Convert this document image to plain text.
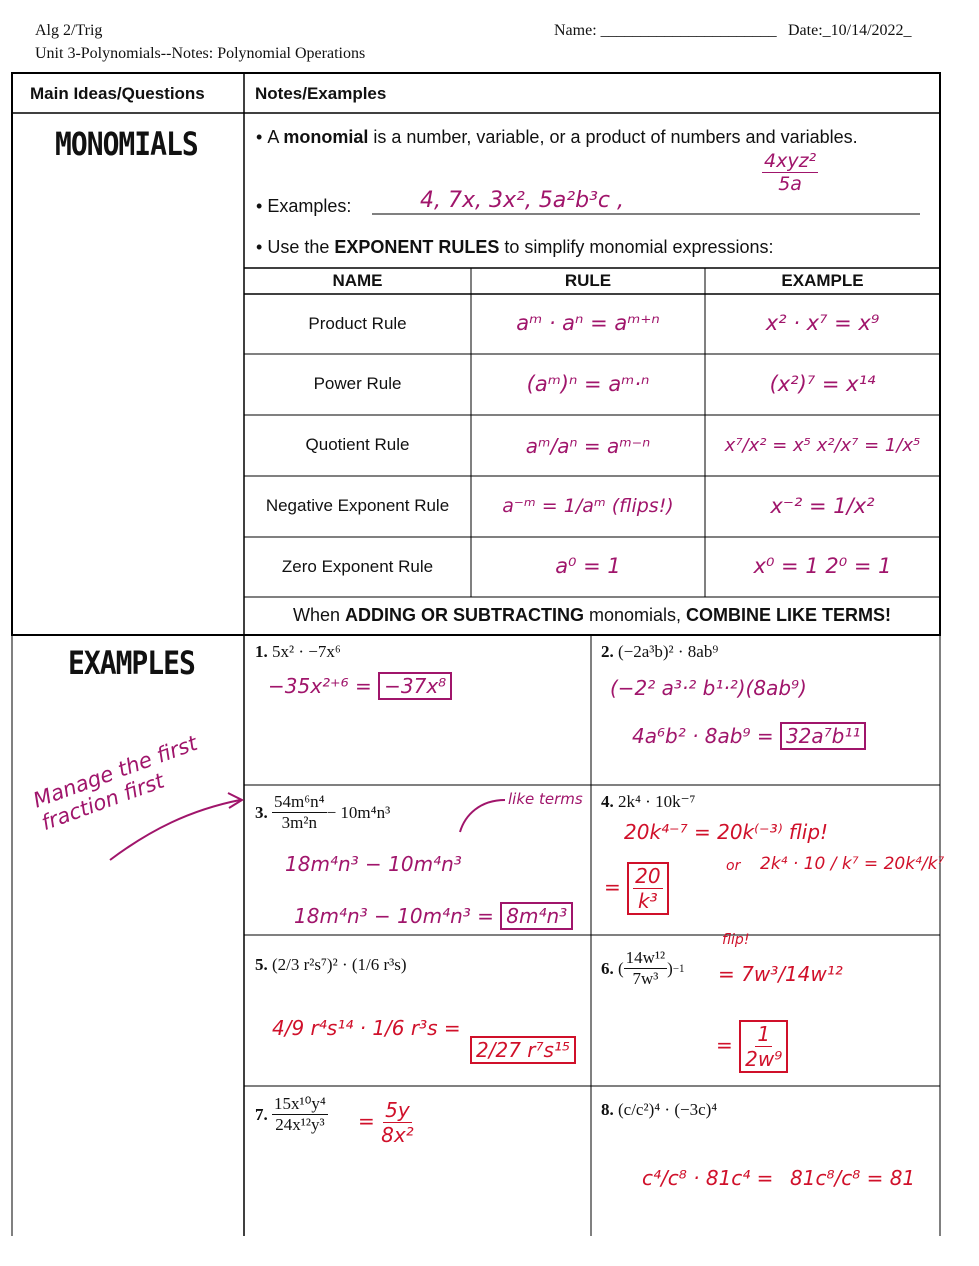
Alg 2/Trig
Unit 3-Polynomials--Notes: Polynomial Operations
Name: ______________________ Date:_10/14/2022_
Main Ideas/Questions	Notes/Examples
MONOMIALS	• A monomial is a number, variable, or a product of numbers and variables.
• Examples:	4, 7x, 3x², 5a²b³c ,
$\frac{\text{4xyz²}}{5a}$
• Use the EXPONENT RULES to simplify monomial expressions:
NAME	RULE	EXAMPLE
Product Rule	aᵐ · aⁿ = aᵐ⁺ⁿ	x² · x⁷ = x⁹
Power Rule	(aᵐ)ⁿ = aᵐ·ⁿ	(x²)⁷ = x¹⁴
Quotient Rule	aᵐ/aⁿ = aᵐ⁻ⁿ	x⁷/x² = x⁵ x²/x⁷ = 1/x⁵
Negative Exponent Rule	a⁻ᵐ = 1/aᵐ (flips!)	x⁻² = 1/x²
Zero Exponent Rule	a⁰ = 1	x⁰ = 1 2⁰ = 1
When ADDING OR SUBTRACTING monomials, COMBINE LIKE TERMS!
EXAMPLES
Manage the first fraction first
1. 5x² · −7x⁶
−35x²⁺⁶ = −37x⁸
2. (−2a³b)² · 8ab⁹
(−2² a³·² b¹·²)(8ab⁹)
4a⁶b² · 8ab⁹ = 32a⁷b¹¹
3.
$\frac{\text{54m⁶n⁴}}{\text{3m²n}} - 10m^4n^3$
like terms
18m⁴n³ − 10m⁴n³
18m⁴n³ − 10m⁴n³ = 8m⁴n³
4. 2k⁴ · 10k⁻⁷
20k⁴⁻⁷ = 20k⁽⁻³⁾ flip!
= $\frac{20}{\text{k³}}$	or 2k⁴ · 10 / k⁷ = 20k⁴/k⁷
5. (2/3 r²s⁷)² · (1/6 r³s)
4/9 r⁴s¹⁴ · 1/6 r³s =
2/27 r⁷s¹⁵
6. ( $\frac{\text{14w¹²}}{\text{7w³}}$ ) −1
flip!
= 7w³/14w¹²
= $\frac{1}{\text{2w⁹}}$
7.
$\frac{\text{15x¹⁰y⁴}}{\text{24x¹²y³}} = \frac{5y}{\text{8x²}}$	8. (c/c²)⁴ · (−3c)⁴
c⁴/c⁸ · 81c⁴ = 81c⁸/c⁸ = 81
